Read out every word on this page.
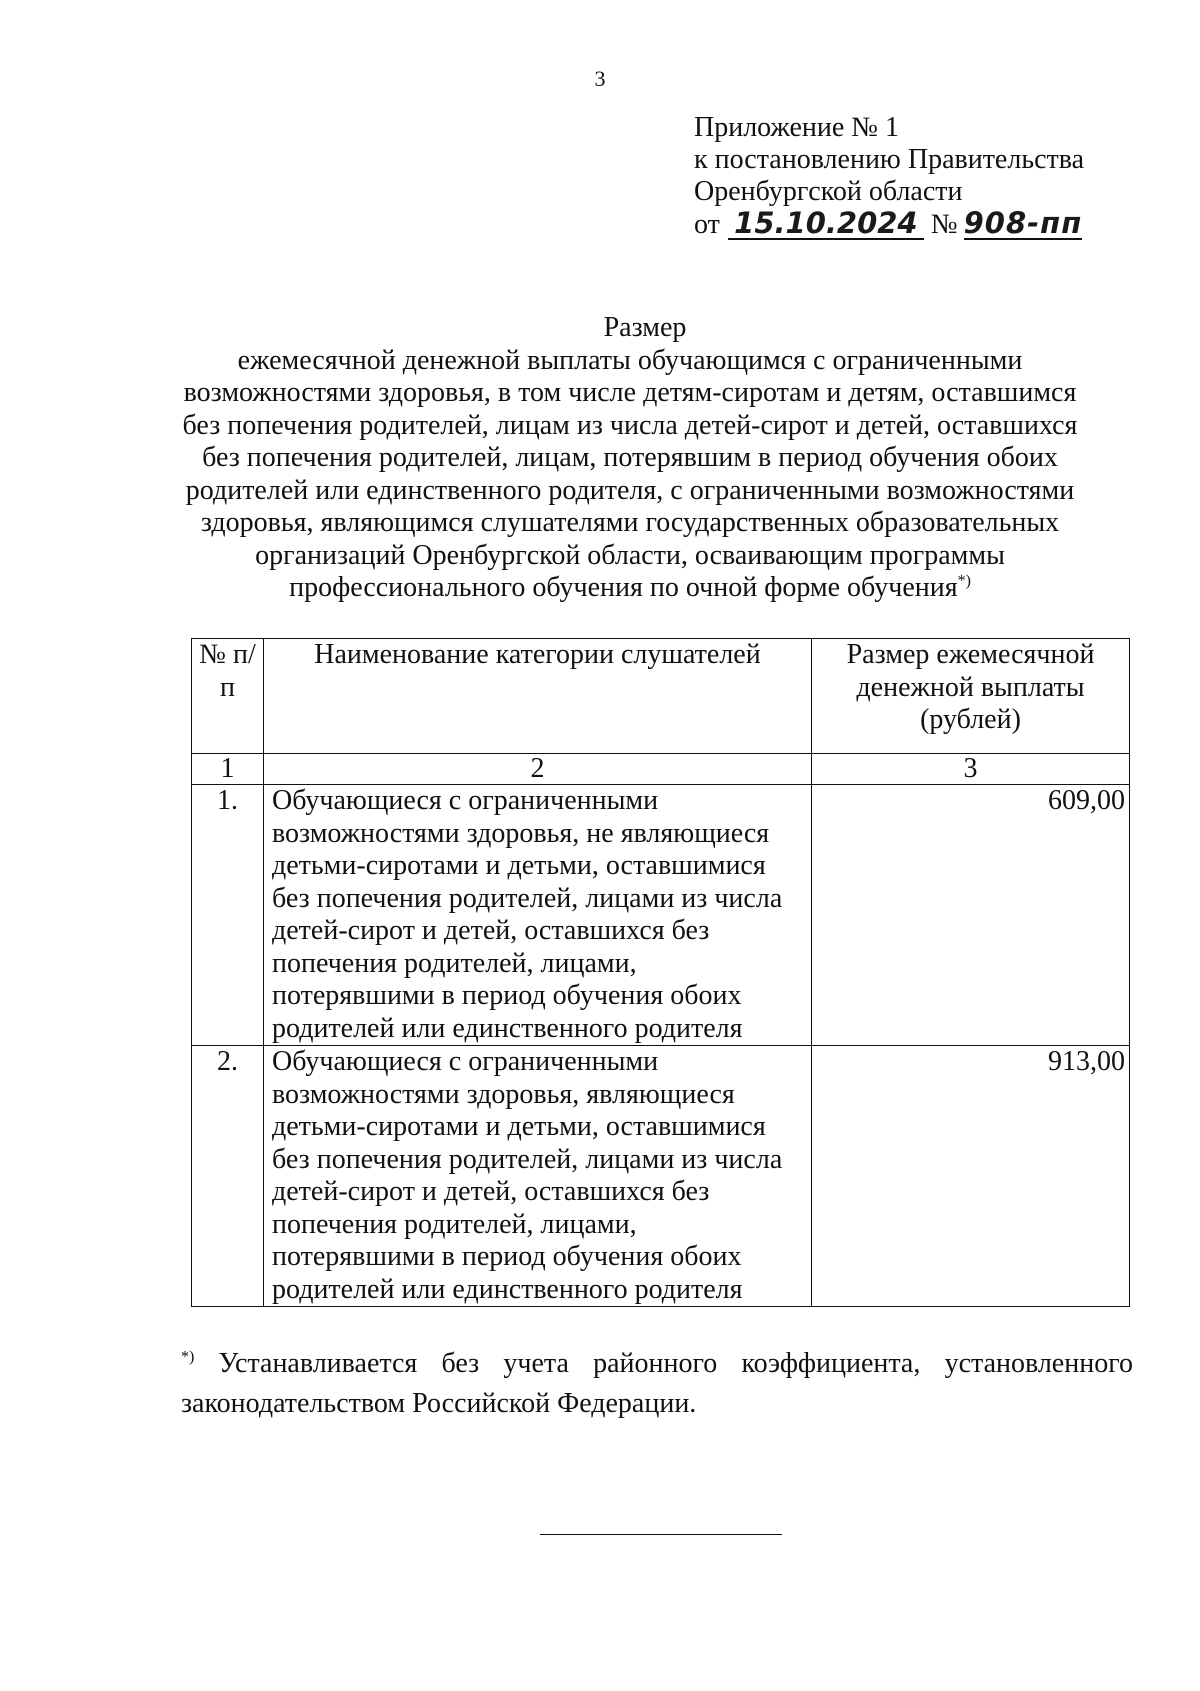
3
Приложение № 1
к постановлению Правительства
Оренбургской области
от 15.10.2024 № 908-пп
Размер
ежемесячной денежной выплаты обучающимся с ограниченными
возможностями здоровья, в том числе детям-сиротам и детям, оставшимся
без попечения родителей, лицам из числа детей-сирот и детей, оставшихся
без попечения родителей, лицам, потерявшим в период обучения обоих
родителей или единственного родителя, с ограниченными возможностями
здоровья, являющимся слушателями государственных образовательных
организаций Оренбургской области, осваивающим программы
профессионального обучения по очной форме обучения*)
№ п/п	Наименование категории слушателей	Размер ежемесячной денежной выплаты (рублей)
1	2	3
1.	Обучающиеся с ограниченными возможностями здоровья, не являющиеся детьми-сиротами и детьми, оставшимися без попечения родителей, лицами из числа детей-сирот и детей, оставшихся без попечения родителей, лицами, потерявшими в период обучения обоих родителей или единственного родителя	609,00
2.	Обучающиеся с ограниченными возможностями здоровья, являющиеся детьми-сиротами и детьми, оставшимися без попечения родителей, лицами из числа детей-сирот и детей, оставшихся без попечения родителей, лицами, потерявшими в период обучения обоих родителей или единственного родителя	913,00
*) Устанавливается без учета районного коэффициента, установленного
законодательством Российской Федерации.
